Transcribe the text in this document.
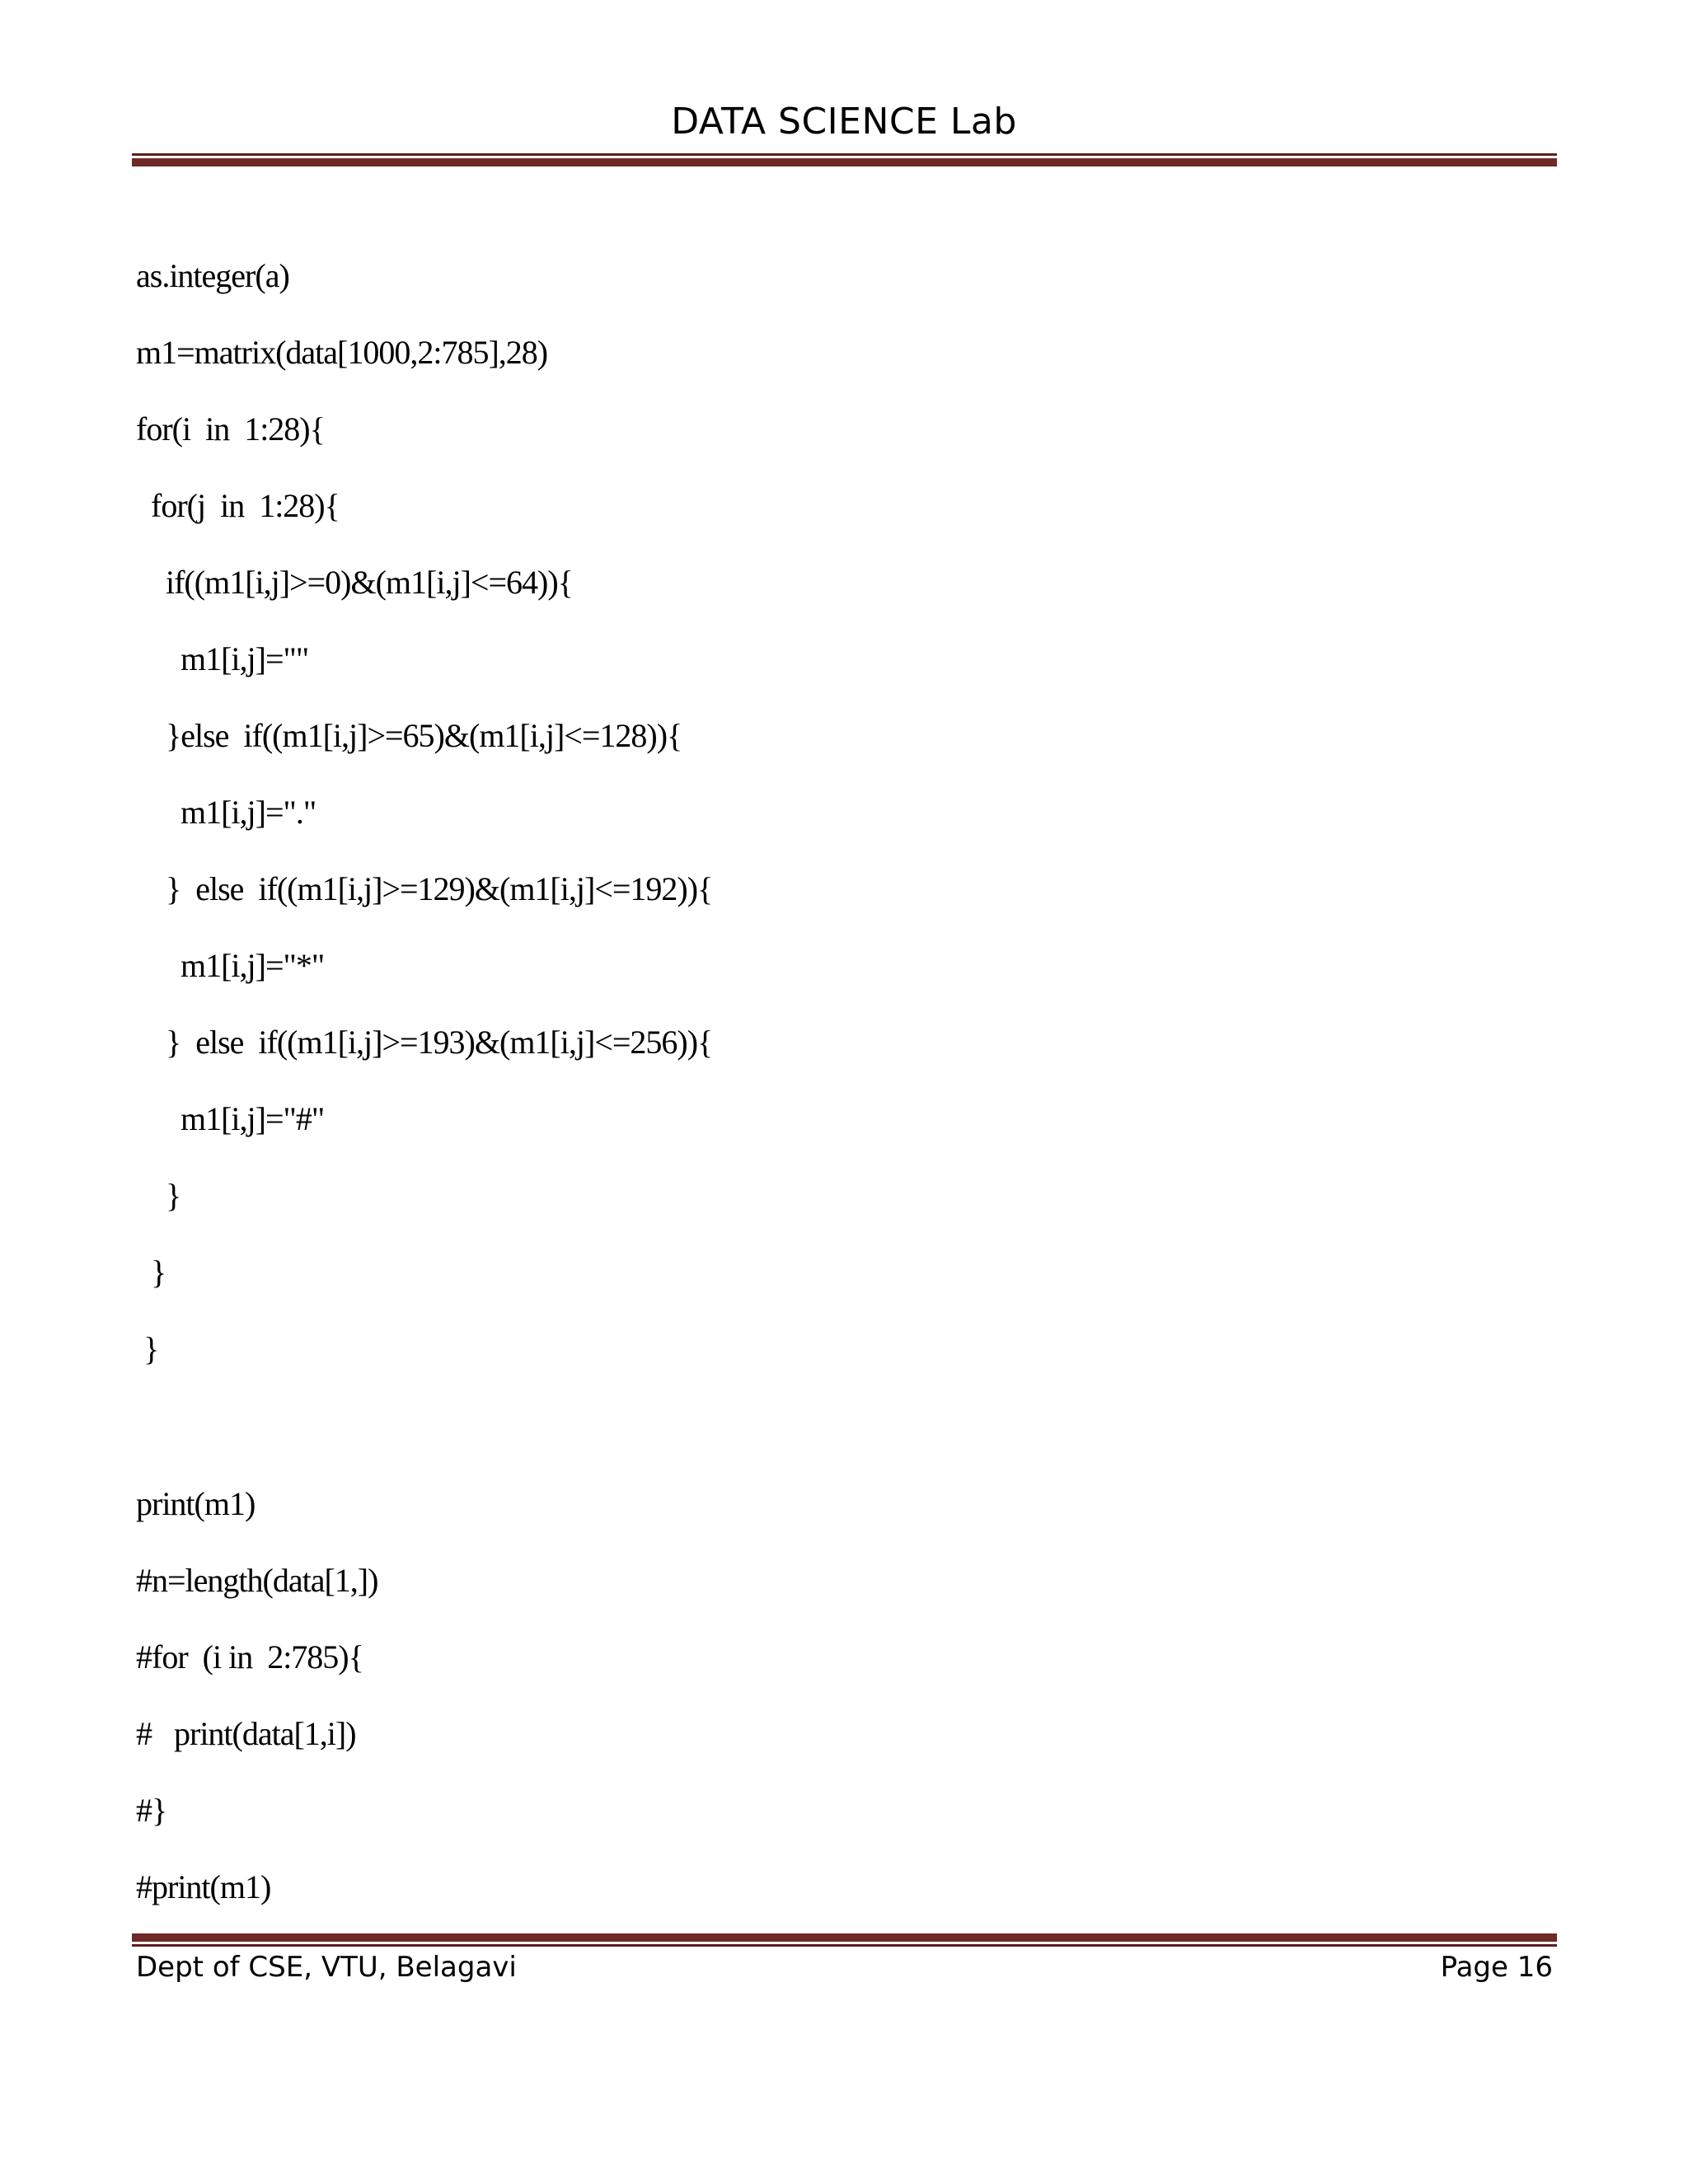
DATA SCIENCE Lab
as.integer(a)
m1=matrix(data[1000,2:785],28)
for(i  in  1:28){
for(j  in  1:28){
if((m1[i,j]>=0)&(m1[i,j]<=64)){
m1[i,j]=""
}else  if((m1[i,j]>=65)&(m1[i,j]<=128)){
m1[i,j]="."
}  else  if((m1[i,j]>=129)&(m1[i,j]<=192)){
m1[i,j]="*"
}  else  if((m1[i,j]>=193)&(m1[i,j]<=256)){
m1[i,j]="#"
}
}
}
print(m1)
#n=length(data[1,])
#for  (i in  2:785){
#   print(data[1,i])
#}
#print(m1)
Dept of CSE, VTU, Belagavi	Page 16
